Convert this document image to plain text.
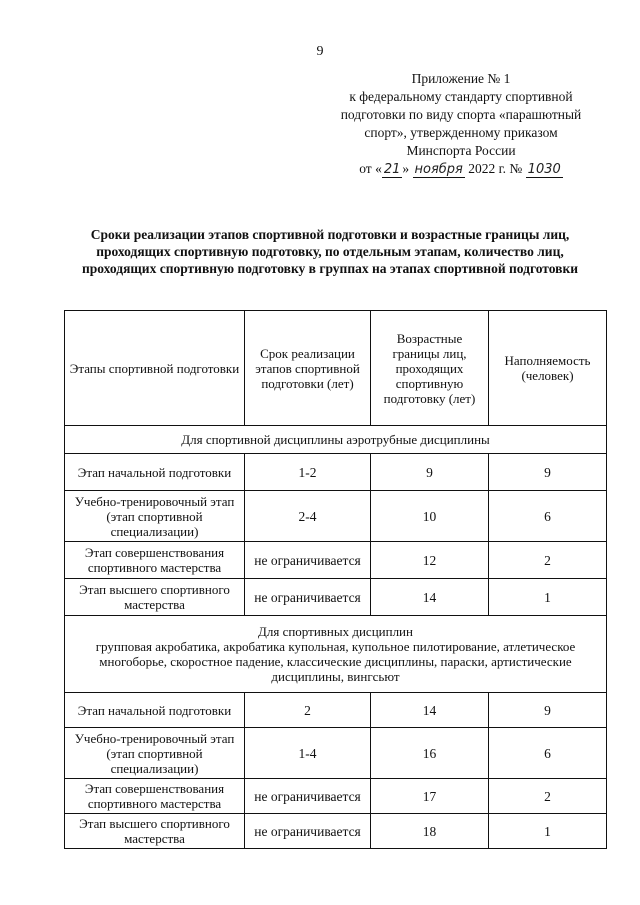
9
Приложение № 1
к федеральному стандарту спортивной
подготовки по виду спорта «парашютный
спорт», утвержденному приказом
Минспорта России
от « 21 » ноября 2022 г. № 1030
Сроки реализации этапов спортивной подготовки и возрастные границы лиц, проходящих спортивную подготовку, по отдельным этапам, количество лиц, проходящих спортивную подготовку в группах на этапах спортивной подготовки
Этапы спортивной подготовки	Срок реализации этапов спортивной подготовки (лет)	Возрастные границы лиц, проходящих спортивную подготовку (лет)	Наполняемость (человек)
Для спортивной дисциплины аэротрубные дисциплины			
Этап начальной подготовки	1-2	9	9
Учебно-тренировочный этап (этап спортивной специализации)	2-4	10	6
Этап совершенствования спортивного мастерства	не ограничивается	12	2
Этап высшего спортивного мастерства	не ограничивается	14	1
Для спортивных дисциплин
групповая акробатика, акробатика купольная, купольное пилотирование, атлетическое многоборье, скоростное падение, классические дисциплины, параски, артистические дисциплины, вингсьют			
Этап начальной подготовки	2	14	9
Учебно-тренировочный этап (этап спортивной специализации)	1-4	16	6
Этап совершенствования спортивного мастерства	не ограничивается	17	2
Этап высшего спортивного мастерства	не ограничивается	18	1
